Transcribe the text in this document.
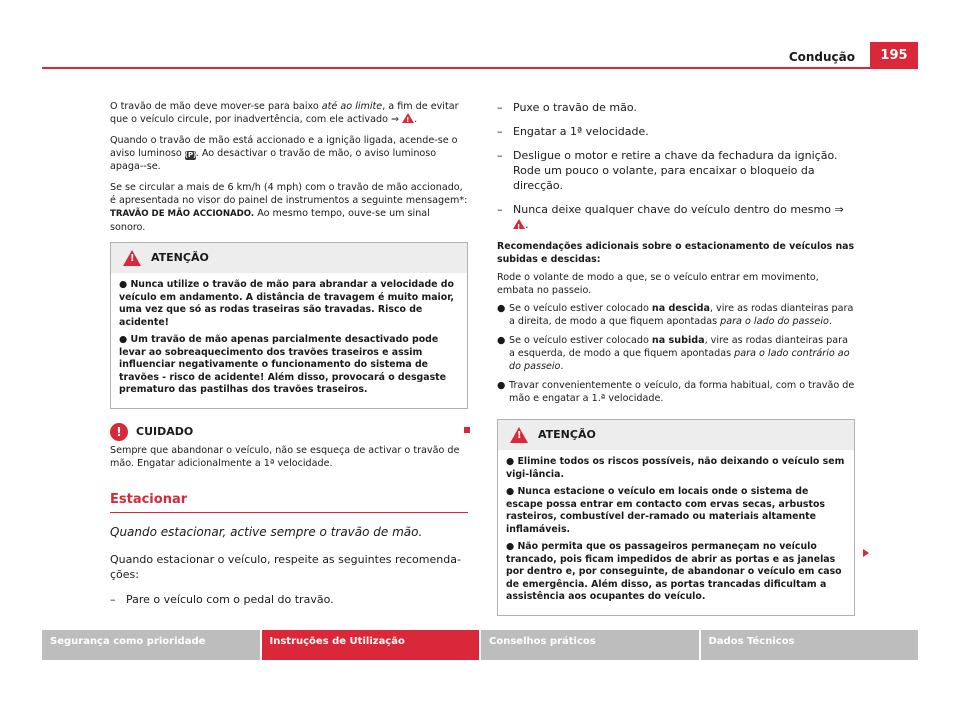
Condução	195

O travão de mão deve mover-se para baixo até ao limite, a fim de evitar que o veículo circule, por inadvertência, com ele activado ⇒ !.

Quando o travão de mão está accionado e a ignição ligada, acende-se o aviso luminoso (P). Ao desactivar o travão de mão, o aviso luminoso apaga--se.

Se se circular a mais de 6 km/h (4 mph) com o travão de mão accionado, é apresentada no visor do painel de instrumentos a seguinte mensagem*:
TRAVÃO DE MÃO ACCIONADO. Ao mesmo tempo, ouve-se um sinal sonoro.

!
ATENÇÃO

● Nunca utilize o travão de mão para abrandar a velocidade do veículo em andamento. A distância de travagem é muito maior, uma vez que só as rodas traseiras são travadas. Risco de acidente!

● Um travão de mão apenas parcialmente desactivado pode levar ao sobreaquecimento dos travões traseiros e assim influenciar negativamente o funcionamento do sistema de travões - risco de acidente! Além disso, provocará o desgaste prematuro das pastilhas dos travões traseiros.

!	CUIDADO

Sempre que abandonar o veículo, não se esqueça de activar o travão de mão. Engatar adicionalmente a 1ª velocidade.

Estacionar

Quando estacionar, active sempre o travão de mão.

Quando estacionar o veículo, respeite as seguintes recomenda-ções:

– Pare o veículo com o pedal do travão.
– Puxe o travão de mão.
– Engatar a 1ª velocidade.
– Desligue o motor e retire a chave da fechadura da ignição. Rode um pouco o volante, para encaixar o bloqueio da direcção.
– Nunca deixe qualquer chave do veículo dentro do mesmo ⇒ !.

Recomendações adicionais sobre o estacionamento de veículos nas subidas e descidas:

Rode o volante de modo a que, se o veículo entrar em movimento, embata no passeio.

● Se o veículo estiver colocado na descida, vire as rodas dianteiras para a direita, de modo a que fiquem apontadas para o lado do passeio.
● Se o veículo estiver colocado na subida, vire as rodas dianteiras para a esquerda, de modo a que fiquem apontadas para o lado contrário ao do passeio.
● Travar convenientemente o veículo, da forma habitual, com o travão de mão e engatar a 1.ª velocidade.
!
ATENÇÃO

● Elimine todos os riscos possíveis, não deixando o veículo sem vigi-lância.

● Nunca estacione o veículo em locais onde o sistema de escape possa entrar em contacto com ervas secas, arbustos rasteiros, combustível der-ramado ou materiais altamente inflamáveis.

● Não permita que os passageiros permaneçam no veículo trancado, pois ficam impedidos de abrir as portas e as janelas por dentro e, por conseguinte, de abandonar o veículo em caso de emergência. Além disso, as portas trancadas dificultam a assistência aos ocupantes do veículo.

Segurança como prioridade	Instruções de Utilização	Conselhos práticos	Dados Técnicos
